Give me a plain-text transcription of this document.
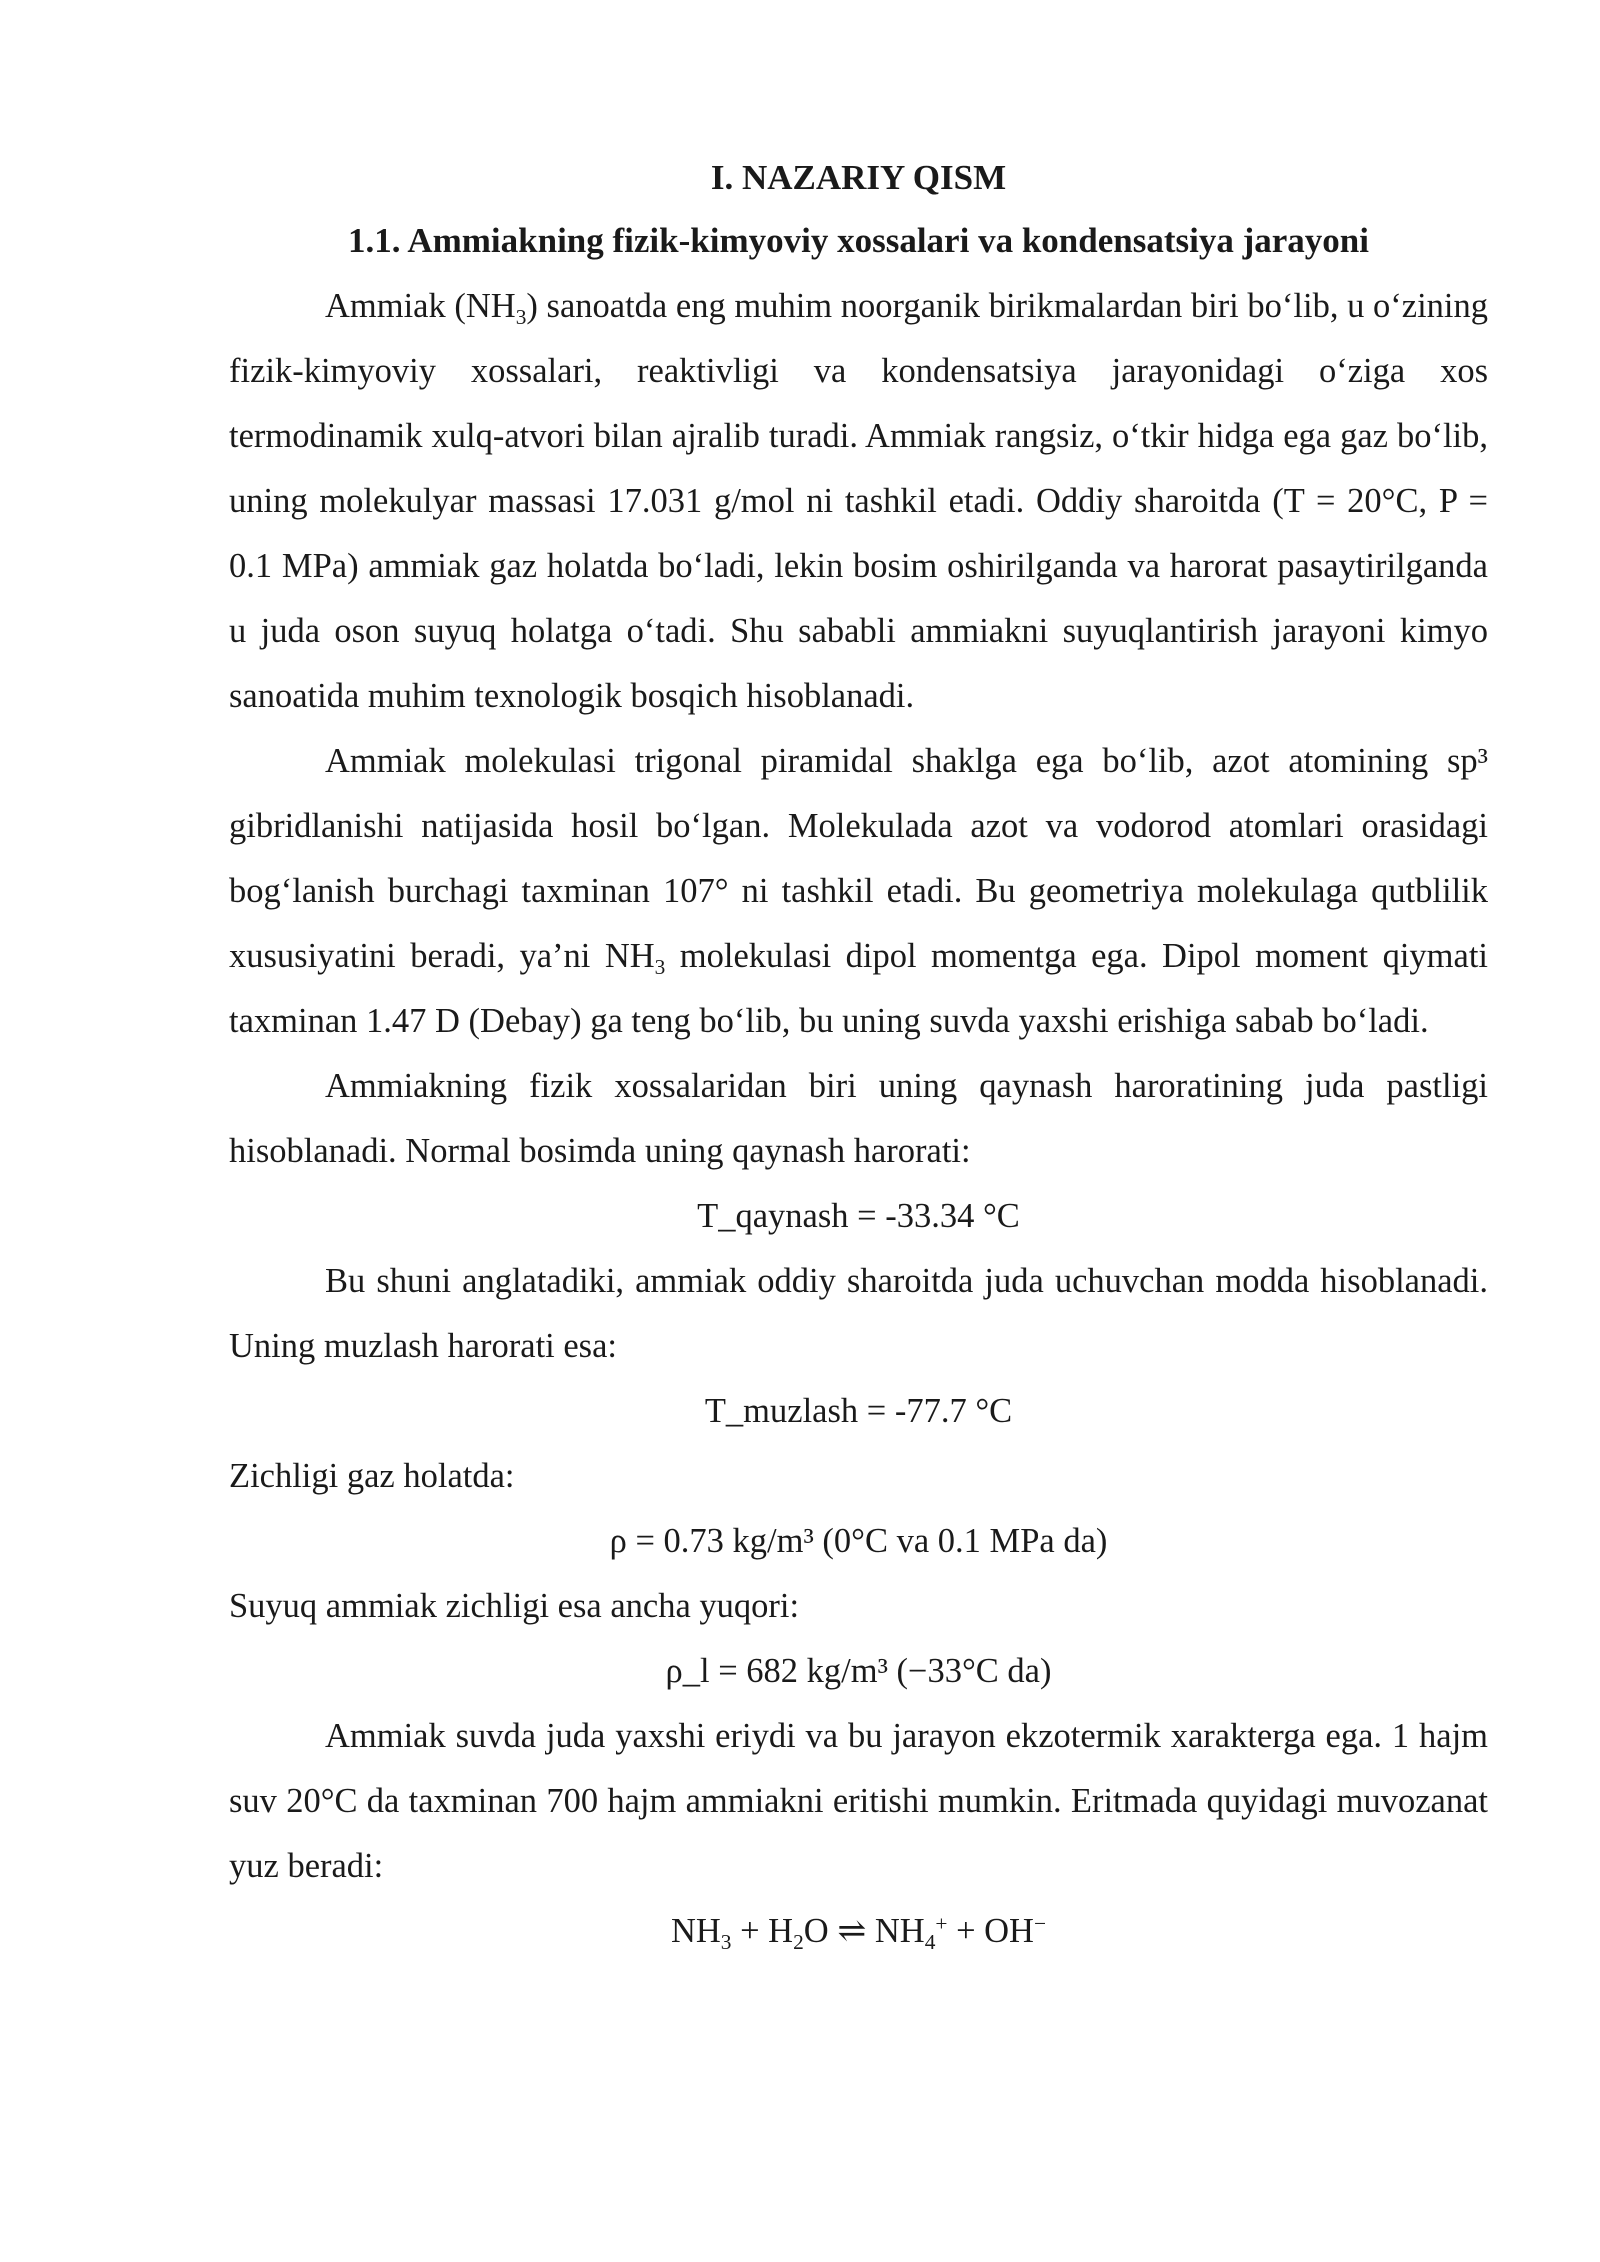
I. NAZARIY QISM
1.1. Ammiakning fizik-kimyoviy xossalari va kondensatsiya jarayoni

Ammiak $(NH_3)$ sanoatda eng muhim noorganik birikmalardan biri bo‘lib, u o‘zining fizik-kimyoviy xossalari, reaktivligi va kondensatsiya jarayonidagi o‘ziga xos termodinamik xulq-atvori bilan ajralib turadi. Ammiak rangsiz, o‘tkir hidga ega gaz bo‘lib, uning molekulyar massasi 17.031 g/mol ni tashkil etadi. Oddiy sharoitda (T = 20°C, P = 0.1 MPa) ammiak gaz holatda bo‘ladi, lekin bosim oshirilganda va harorat pasaytirilganda u juda oson suyuq holatga o‘tadi. Shu sababli ammiakni suyuqlantirish jarayoni kimyo sanoatida muhim texnologik bosqich hisoblanadi.

Ammiak molekulasi trigonal piramidal shaklga ega bo‘lib, azot atomining sp³ gibridlanishi natijasida hosil bo‘lgan. Molekulada azot va vodorod atomlari orasidagi bog‘lanish burchagi taxminan 107° ni tashkil etadi. Bu geometriya molekulaga qutblilik xususiyatini beradi, ya’ni $NH_3$ molekulasi dipol momentga ega. Dipol moment qiymati taxminan 1.47 D (Debay) ga teng bo‘lib, bu uning suvda yaxshi erishiga sabab bo‘ladi.

Ammiakning fizik xossalaridan biri uning qaynash haroratining juda pastligi hisoblanadi. Normal bosimda uning qaynash harorati:

T_qaynash = -33.34 °C

Bu shuni anglatadiki, ammiak oddiy sharoitda juda uchuvchan modda hisoblanadi. Uning muzlash harorati esa:

T_muzlash = -77.7 °C

Zichligi gaz holatda:

ρ = 0.73 kg/m³ (0°C va 0.1 MPa da)

Suyuq ammiak zichligi esa ancha yuqori:

ρ_l = 682 kg/m³ (−33°C da)

Ammiak suvda juda yaxshi eriydi va bu jarayon ekzotermik xarakterga ega. 1 hajm suv 20°C da taxminan 700 hajm ammiakni eritishi mumkin. Eritmada quyidagi muvozanat yuz beradi:

$NH_3 + H_2O$ ⇌ $NH_4^+ + OH^-$
